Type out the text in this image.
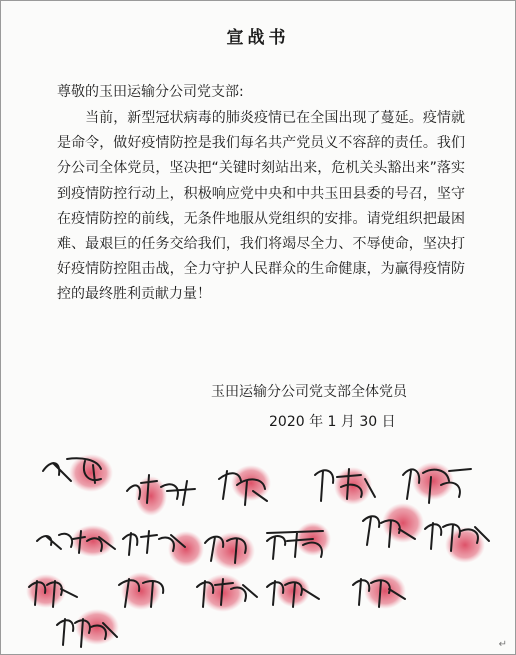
宣战书
尊敬的玉田运输分公司党支部:

当前，新型冠状病毒的肺炎疫情已在全国出现了蔓延。疫情就是命令，做好疫情防控是我们每名共产党员义不容辞的责任。我们分公司全体党员，坚决把“关键时刻站出来，危机关头豁出来”落实到疫情防控行动上，积极响应党中央和中共玉田县委的号召，坚守在疫情防控的前线，无条件地服从党组织的安排。请党组织把最困难、最艰巨的任务交给我们，我们将竭尽全力、不辱使命，坚决打好疫情防控阻击战，全力守护人民群众的生命健康，为赢得疫情防控的最终胜利贡献力量！

玉田运输分公司党支部全体党员
2020 年 1 月 30 日
↵
